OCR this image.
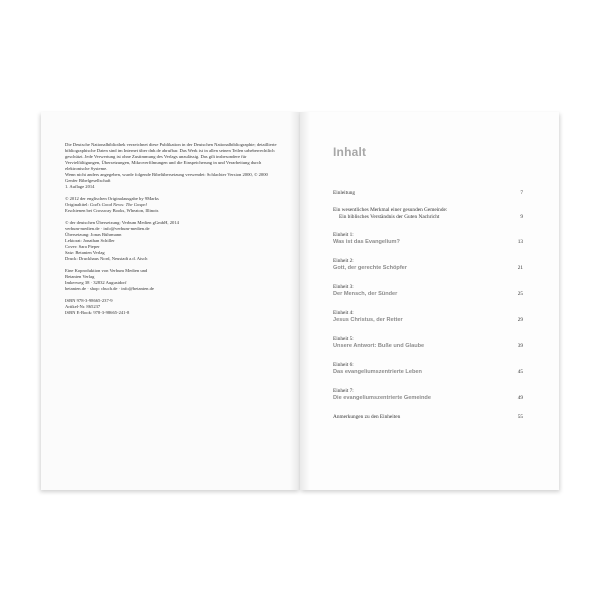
Die Deutsche Nationalbibliothek verzeichnet diese Publikation in der Deutschen Nationalbibliographie; detaillierte bibliographische Daten sind im Internet über dnb.de abrufbar. Das Werk ist in allen seinen Teilen urheberrechtlich geschützt. Jede Verwertung ist ohne Zustimmung des Verlags unzulässig. Das gilt insbesondere für Vervielfältigungen, Übersetzungen, Mikroverfilmungen und die Einspeicherung in und Verarbeitung durch elektronische Systeme.

Wenn nicht anders angegeben, wurde folgende Bibelübersetzung verwendet: Schlachter Version 2000, © 2000 Genfer Bibelgesellschaft

1. Auflage 2014

© 2012 der englischen Originalausgabe by 9Marks

Originaltitel: God’s Good News: The Gospel

Erschienen bei Crossway Books, Wheaton, Illinois

© der deutschen Übersetzung: Verbum Medien gGmbH, 2014

verbum-medien.de · info@verbum-medien.de

Übersetzung: Jonas Bührmann

Lektorat: Jonathan Schiller

Cover: Sara Pieper

Satz: Betanien Verlag

Druck: Druckhaus Nord, Neustadt a.d. Aisch

Eine Koproduktion von Verbum Medien und

Betanien Verlag

Imkerweg 38 · 32832 Augustdorf

betanien.de · shop: cbuch.de · info@betanien.de

ISBN 978-3-98665-237-9

Artikel-Nr. 865237

ISBN E-Book: 978-3-98665-241-8

Inhalt
Einleitung	7
Ein wesentliches Merkmal einer gesunden Gemeinde:
Ein biblisches Verständnis der Guten Nachricht	9
Einheit 1:
Was ist das Evangelium?	13
Einheit 2:
Gott, der gerechte Schöpfer	21
Einheit 3:
Der Mensch, der Sünder	25
Einheit 4:
Jesus Christus, der Retter	29
Einheit 5:
Unsere Antwort: Buße und Glaube	39
Einheit 6:
Das evangeliumszentrierte Leben	45
Einheit 7:
Die evangeliumszentrierte Gemeinde	49
Anmerkungen zu den Einheiten	55
